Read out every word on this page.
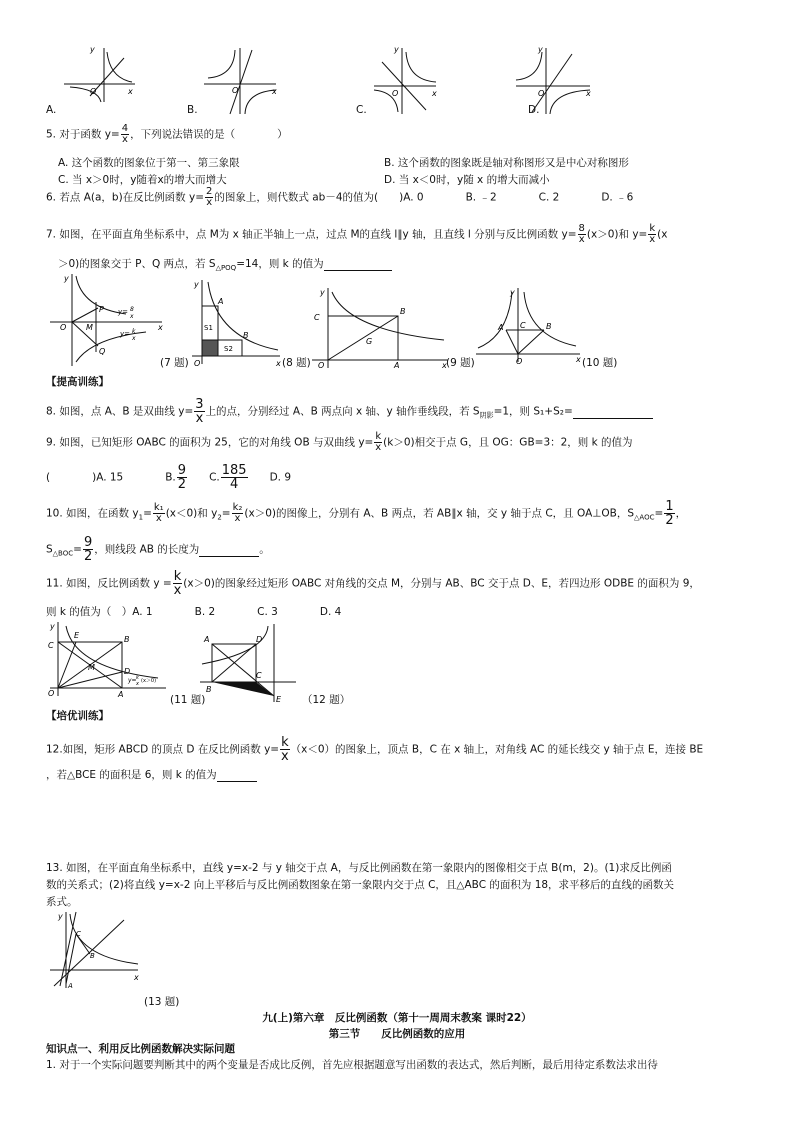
x
y
O
A.
x
O
B.
x
y
O
C.
x
y
O
D.
5. 对于函数 $y= \frac{4}{x}$ ，下列说法错误的是（　　　　）
A. 这个函数的图象位于第一、第三象限	B. 这个函数的图象既是轴对称图形又是中心对称图形
C. 当 x＞0时，y随着x的增大而增大	D. 当 x＜0时，y随 x 的增大而减小
6. 若点 A(a，b)在反比例函数 $y= \frac{2}{x}$ 的图象上，则代数式 ab－4的值为(　　)A. 0　　　　B. ﹣2　　　　C. 2　　　　D. ﹣6
7. 如图，在平面直角坐标系中，点 M为 x 轴正半轴上一点，过点 M的直线 l∥y 轴，且直线 l 分别与反比例函数 $y= \frac{8}{x} (x>0)$和 $y= \frac{k}{x} (x$
＞0)的图象交于 P、Q 两点，若 $S_{\triangle POQ}=14$，则 k 的值为
y
x
O
P
M
Q
y= 8
x
y= k
x
(7 题)
y
x
O
A
B
S1
S2
(8 题)
y
x
O
C
B
G
A	(9 题)
y
x
O
A	B
C
(10 题)
【提高训练】
8. 如图，点 A、B 是双曲线 $y= \frac{3}{x}$ 上的点，分别经过 A、B 两点向 x 轴、y 轴作垂线段，若 $S_{阴影}=1$，则 S₁+S₂=
9. 如图，已知矩形 OABC 的面积为 25，它的对角线 OB 与双曲线 $y= \frac{k}{x} (k>0)$相交于点 G，且 OG：GB=3：2，则 k 的值为
(　　　　)A. 15　　　　B. $\frac{9}{2}$
　　 C. $\frac{185}{4}$
　　 D. 9
10. 如图，在函数 $y_1= \frac{\text{k₁}}{x} (x<0)$和 $y_2= \frac{\text{k₂}}{x} (x>0)$的图像上，分别有 A、B 两点，若 AB∥x 轴，交 y 轴于点 C，且 OA⊥OB，$S_{\triangle AOC}= \frac{1}{2}$ ，
$S_{\triangle BOC}= \frac{9}{2}$ ，则线段 AB 的长度为	。
11. 如图，反比例函数 $y = \frac{k}{x} (x>0)$的图象经过矩形 OABC 对角线的交点 M，分别与 AB、BC 交于点 D、E，若四边形 ODBE 的面积为 9，
则 k 的值为（　）A. 1　　　　B. 2　　　　C. 3　　　　D. 4
y
O
C
B
E
M	D
A
y= k
x (x＞0)
(11 题)
A	D
B
C
E （12 题）
【培优训练】
12.如图，矩形 ABCD 的顶点 D 在反比例函数 $y= \frac{k}{x} (x<0)$的图象上，顶点 B，C 在 x 轴上，对角线 AC 的延长线交 y 轴于点 E，连接 BE
，若△BCE 的面积是 6，则 k 的值为
13. 如图，在平面直角坐标系中，直线 y=x-2 与 y 轴交于点 A，与反比例函数在第一象限内的图像相交于点 B(m，2)。(1)求反比例函
数的关系式；(2)将直线 y=x-2 向上平移后与反比例函数图象在第一象限内交于点 C，且△ABC 的面积为 18，求平移后的直线的函数关
系式。
y
x
C
B
A
(13 题)
九(上)第六章　反比例函数（第十一周周末教案 课时22）
第三节　　反比例函数的应用
知识点一、利用反比例函数解决实际问题
1. 对于一个实际问题要判断其中的两个变量是否成比反例，首先应根据题意写出函数的表达式，然后判断，最后用待定系数法求出待
